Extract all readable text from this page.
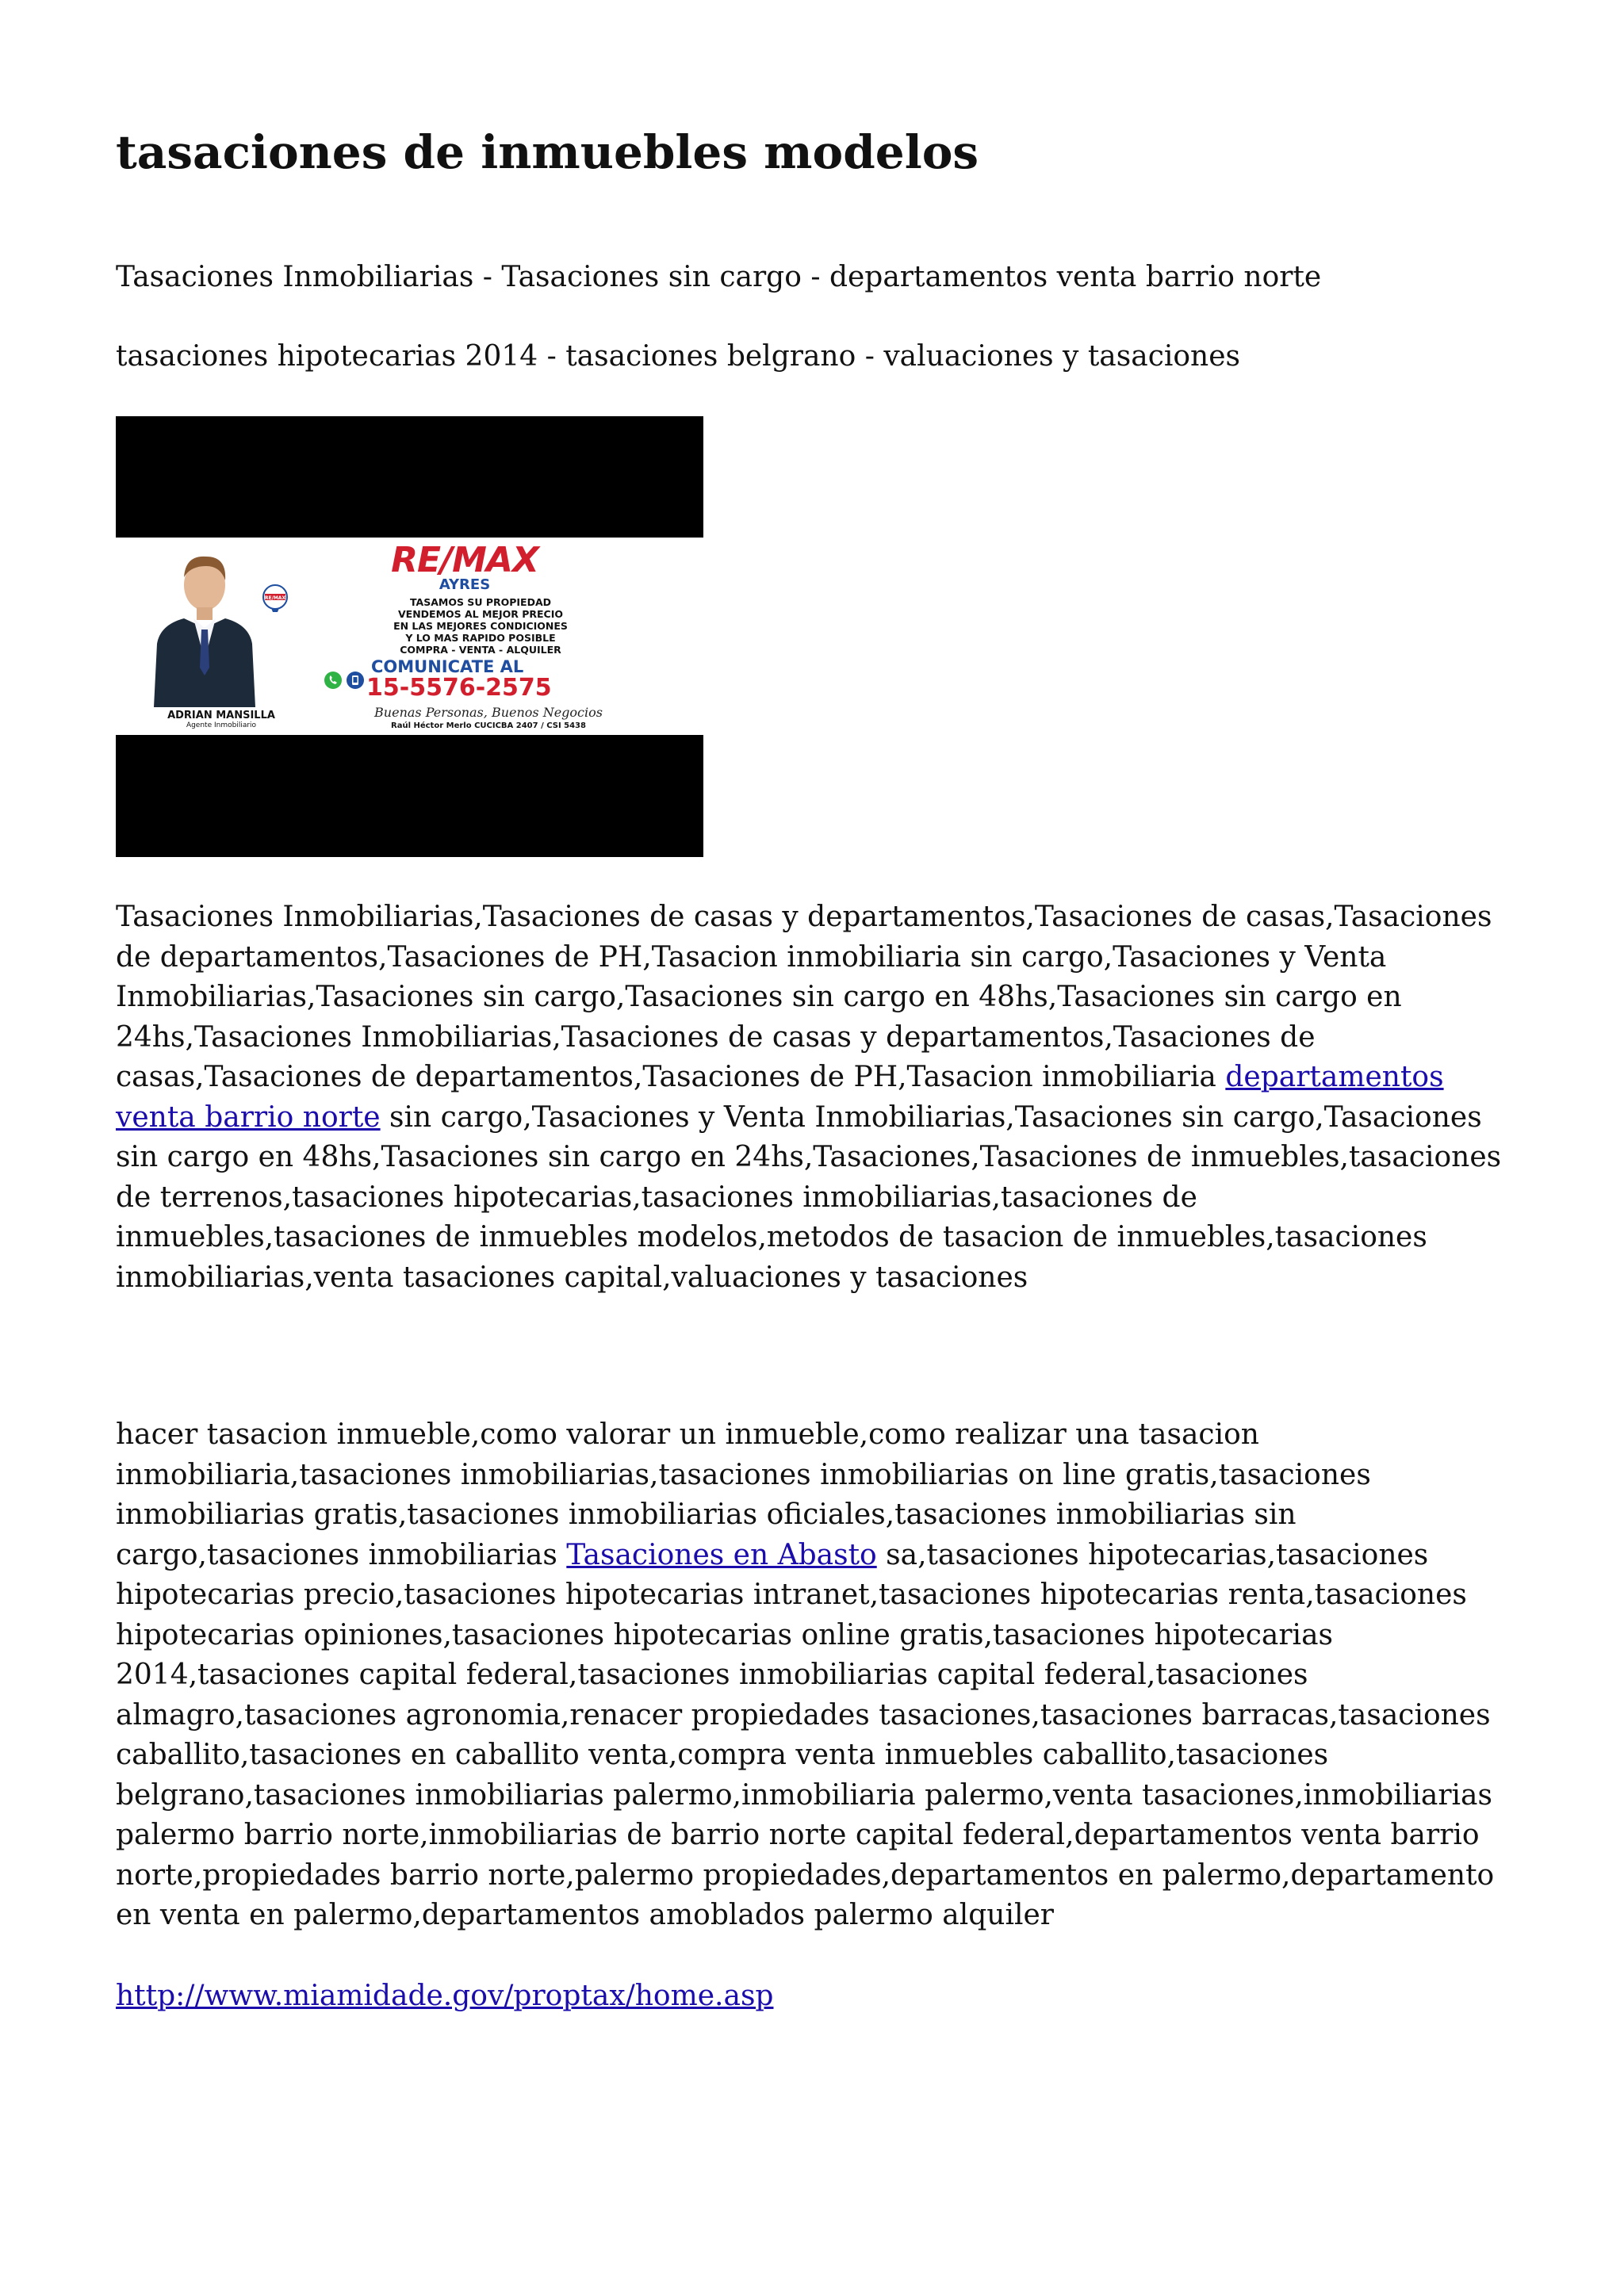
tasaciones de inmuebles modelos

Tasaciones Inmobiliarias - Tasaciones sin cargo - departamentos venta barrio norte

tasaciones hipotecarias 2014 - tasaciones belgrano - valuaciones y tasaciones

ADRIAN MANSILLA
Agente Inmobiliario
RE/MAX
RE/MAX
AYRES
TASAMOS SU PROPIEDAD
VENDEMOS AL MEJOR PRECIO
EN LAS MEJORES CONDICIONES
Y LO MAS RAPIDO POSIBLE
COMPRA - VENTA - ALQUILER
COMUNICATE AL
15-5576-2575
Buenas Personas, Buenos Negocios
Raúl Héctor Merlo CUCICBA 2407 / CSI 5438

Tasaciones Inmobiliarias,Tasaciones de casas y departamentos,Tasaciones de casas,Tasaciones de departamentos,Tasaciones de PH,Tasacion inmobiliaria sin cargo,Tasaciones y Venta Inmobiliarias,Tasaciones sin cargo,Tasaciones sin cargo en 48hs,Tasaciones sin cargo en 24hs,Tasaciones Inmobiliarias,Tasaciones de casas y departamentos,Tasaciones de casas,Tasaciones de departamentos,Tasaciones de PH,Tasacion inmobiliaria departamentos venta barrio norte sin cargo,Tasaciones y Venta Inmobiliarias,Tasaciones sin cargo,Tasaciones sin cargo en 48hs,Tasaciones sin cargo en 24hs,Tasaciones,Tasaciones de inmuebles,tasaciones de terrenos,tasaciones hipotecarias,tasaciones inmobiliarias,tasaciones de inmuebles,tasaciones de inmuebles modelos,metodos de tasacion de inmuebles,tasaciones inmobiliarias,venta tasaciones capital,valuaciones y tasaciones

hacer tasacion inmueble,como valorar un inmueble,como realizar una tasacion inmobiliaria,tasaciones inmobiliarias,tasaciones inmobiliarias on line gratis,tasaciones inmobiliarias gratis,tasaciones inmobiliarias oficiales,tasaciones inmobiliarias sin cargo,tasaciones inmobiliarias Tasaciones en Abasto sa,tasaciones hipotecarias,tasaciones hipotecarias precio,tasaciones hipotecarias intranet,tasaciones hipotecarias renta,tasaciones hipotecarias opiniones,tasaciones hipotecarias online gratis,tasaciones hipotecarias 2014,tasaciones capital federal,tasaciones inmobiliarias capital federal,tasaciones almagro,tasaciones agronomia,renacer propiedades tasaciones,tasaciones barracas,tasaciones caballito,tasaciones en caballito venta,compra venta inmuebles caballito,tasaciones belgrano,tasaciones inmobiliarias palermo,inmobiliaria palermo,venta tasaciones,inmobiliarias palermo barrio norte,inmobiliarias de barrio norte capital federal,departamentos venta barrio norte,propiedades barrio norte,palermo propiedades,departamentos en palermo,departamento en venta en palermo,departamentos amoblados palermo alquiler

http://www.miamidade.gov/proptax/home.asp
